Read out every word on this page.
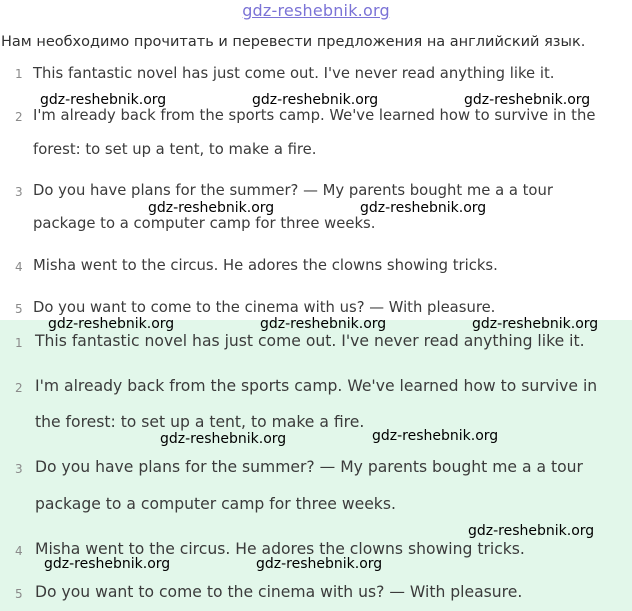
gdz-reshebnik.org
Нам необходимо прочитать и перевести предложения на английский язык.
1 This fantastic novel has just come out. I've never read anything like it.
2 I'm already back from the sports camp. We've learned how to survive in the
forest: to set up a tent, to make a fire.
3 Do you have plans for the summer? — My parents bought me a a tour
package to a computer camp for three weeks.
4 Misha went to the circus. He adores the clowns showing tricks.
5 Do you want to come to the cinema with us? — With pleasure.
1 This fantastic novel has just come out. I've never read anything like it.
2 I'm already back from the sports camp. We've learned how to survive in
the forest: to set up a tent, to make a fire.
3 Do you have plans for the summer? — My parents bought me a a tour
package to a computer camp for three weeks.
4 Misha went to the circus. He adores the clowns showing tricks.
5 Do you want to come to the cinema with us? — With pleasure.
gdz-reshebnik.org	gdz-reshebnik.org	gdz-reshebnik.org
gdz-reshebnik.org	gdz-reshebnik.org
gdz-reshebnik.org	gdz-reshebnik.org	gdz-reshebnik.org
gdz-reshebnik.org	gdz-reshebnik.org
gdz-reshebnik.org
gdz-reshebnik.org	gdz-reshebnik.org
